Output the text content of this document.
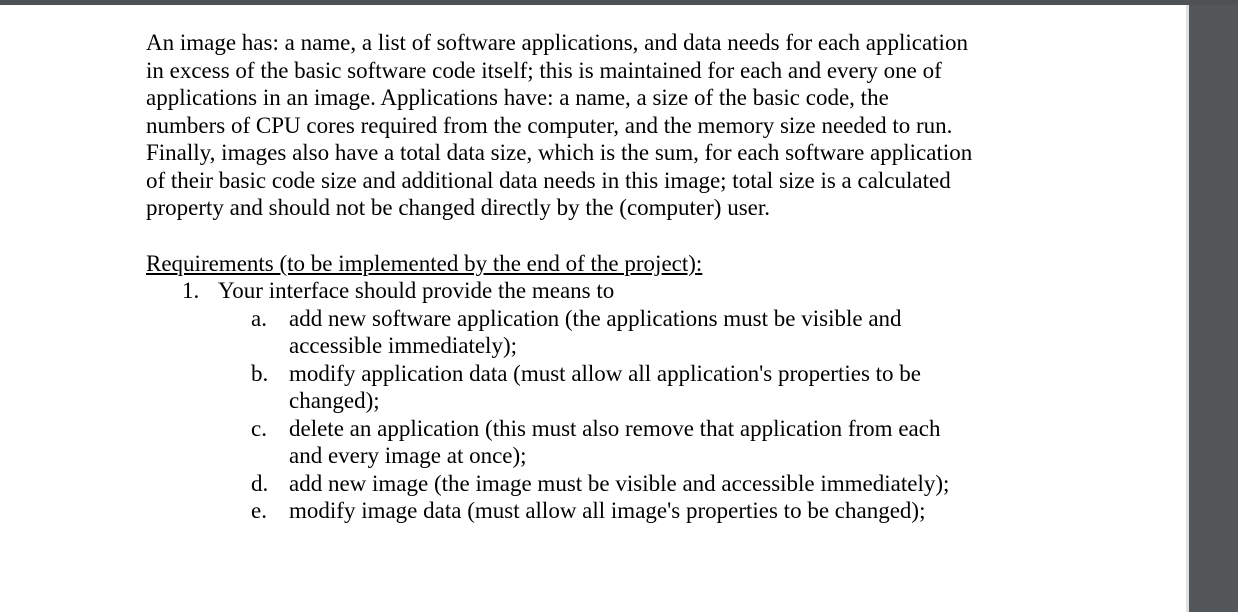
An image has: a name, a list of software applications, and data needs for each application
in excess of the basic software code itself; this is maintained for each and every one of
applications in an image. Applications have: a name, a size of the basic code, the
numbers of CPU cores required from the computer, and the memory size needed to run.
Finally, images also have a total data size, which is the sum, for each software application
of their basic code size and additional data needs in this image; total size is a calculated
property and should not be changed directly by the (computer) user.
Requirements (to be implemented by the end of the project):
1. Your interface should provide the means to
a. add new software application (the applications must be visible and
accessible immediately);
b. modify application data (must allow all application's properties to be
changed);
c. delete an application (this must also remove that application from each
and every image at once);
d. add new image (the image must be visible and accessible immediately);
e. modify image data (must allow all image's properties to be changed);
